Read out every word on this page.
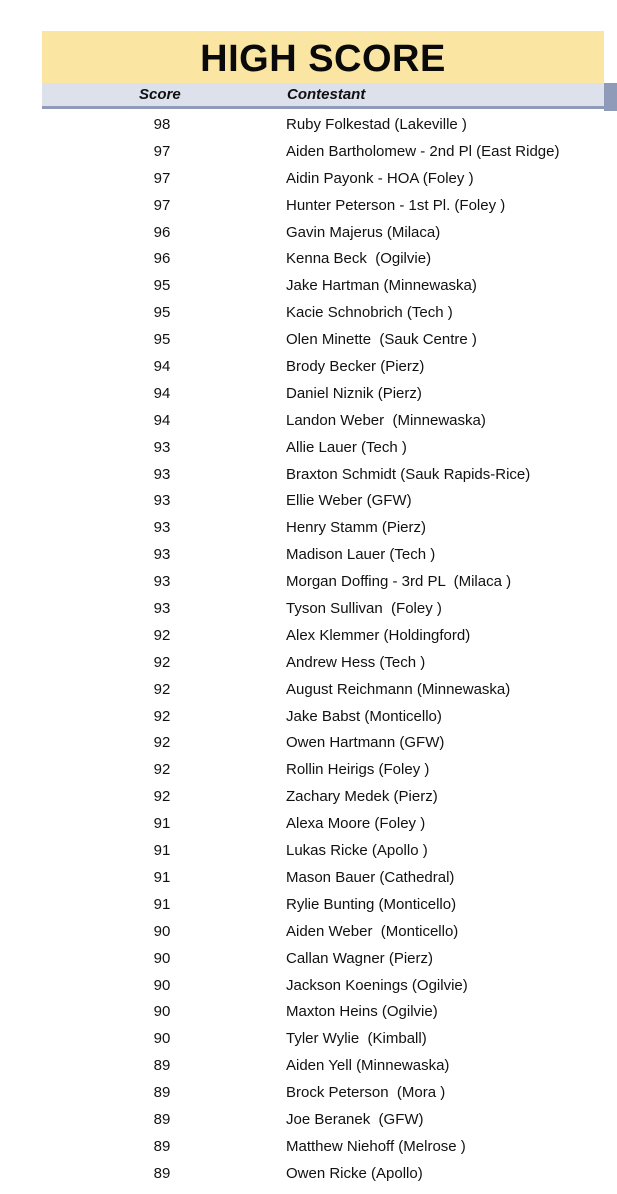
HIGH SCORE
Score	Contestant
98	Ruby Folkestad (Lakeville )
97	Aiden Bartholomew - 2nd Pl (East Ridge)
97	Aidin Payonk - HOA (Foley )
97	Hunter Peterson - 1st Pl. (Foley )
96	Gavin Majerus (Milaca)
96	Kenna Beck  (Ogilvie)
95	Jake Hartman (Minnewaska)
95	Kacie Schnobrich (Tech )
95	Olen Minette  (Sauk Centre )
94	Brody Becker (Pierz)
94	Daniel Niznik (Pierz)
94	Landon Weber  (Minnewaska)
93	Allie Lauer (Tech )
93	Braxton Schmidt (Sauk Rapids-Rice)
93	Ellie Weber (GFW)
93	Henry Stamm (Pierz)
93	Madison Lauer (Tech )
93	Morgan Doffing - 3rd PL  (Milaca )
93	Tyson Sullivan  (Foley )
92	Alex Klemmer (Holdingford)
92	Andrew Hess (Tech )
92	August Reichmann (Minnewaska)
92	Jake Babst (Monticello)
92	Owen Hartmann (GFW)
92	Rollin Heirigs (Foley )
92	Zachary Medek (Pierz)
91	Alexa Moore (Foley )
91	Lukas Ricke (Apollo )
91	Mason Bauer (Cathedral)
91	Rylie Bunting (Monticello)
90	Aiden Weber  (Monticello)
90	Callan Wagner (Pierz)
90	Jackson Koenings (Ogilvie)
90	Maxton Heins (Ogilvie)
90	Tyler Wylie  (Kimball)
89	Aiden Yell (Minnewaska)
89	Brock Peterson  (Mora )
89	Joe Beranek  (GFW)
89	Matthew Niehoff (Melrose )
89	Owen Ricke (Apollo)
